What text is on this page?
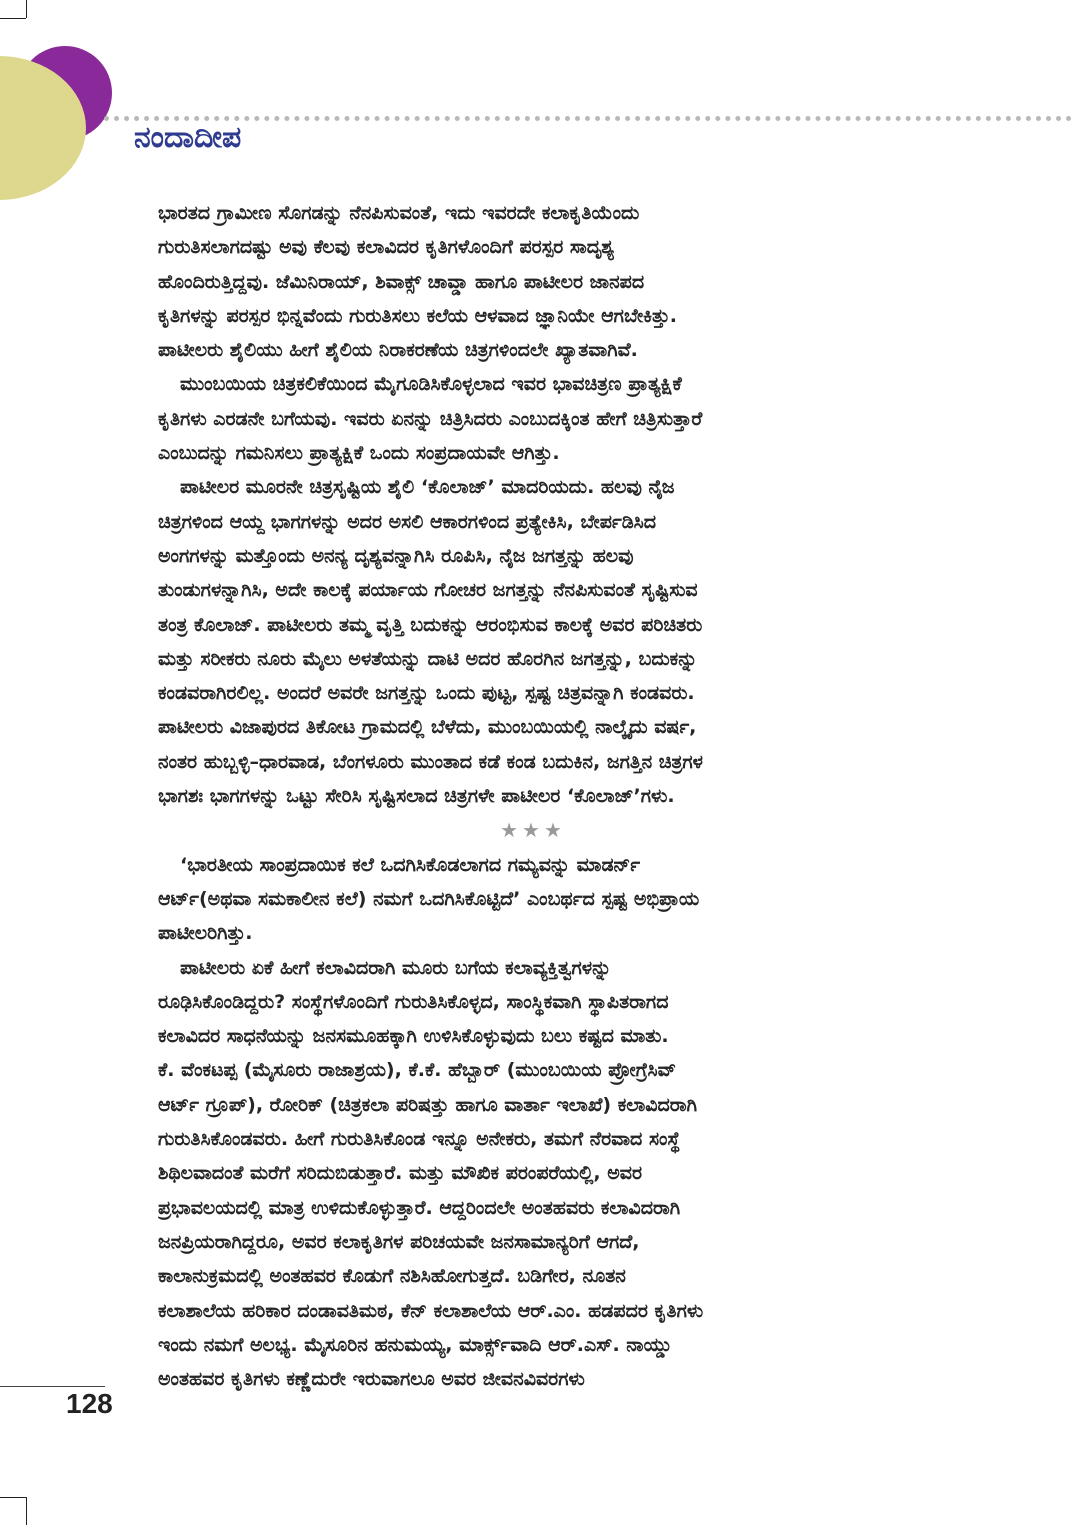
ನಂದಾದೀಪ
ಭಾರತದ ಗ್ರಾಮೀಣ ಸೊಗಡನ್ನು ನೆನಪಿಸುವಂತೆ, ಇದು ಇವರದೇ ಕಲಾಕೃತಿಯೆಂದು
ಗುರುತಿಸಲಾಗದಷ್ಟು ಅವು ಕೆಲವು ಕಲಾವಿದರ ಕೃತಿಗಳೊಂದಿಗೆ ಪರಸ್ಪರ ಸಾದೃಶ್ಯ
ಹೊಂದಿರುತ್ತಿದ್ದವು. ಜೆಮಿನಿರಾಯ್, ಶಿವಾಕ್ಸ್ ಚಾವ್ಡಾ ಹಾಗೂ ಪಾಟೀಲರ ಜಾನಪದ
ಕೃತಿಗಳನ್ನು ಪರಸ್ಪರ ಭಿನ್ನವೆಂದು ಗುರುತಿಸಲು ಕಲೆಯ ಆಳವಾದ ಜ್ಞಾನಿಯೇ ಆಗಬೇಕಿತ್ತು.
ಪಾಟೀಲರು ಶೈಲಿಯು ಹೀಗೆ ಶೈಲಿಯ ನಿರಾಕರಣೆಯ ಚಿತ್ರಗಳಿಂದಲೇ ಖ್ಯಾತವಾಗಿವೆ.
ಮುಂಬಯಿಯ ಚಿತ್ರಕಲಿಕೆಯಿಂದ ಮೈಗೂಡಿಸಿಕೊಳ್ಳಲಾದ ಇವರ ಭಾವಚಿತ್ರಣ ಪ್ರಾತ್ಯಕ್ಷಿಕೆ
ಕೃತಿಗಳು ಎರಡನೇ ಬಗೆಯವು. ಇವರು ಏನನ್ನು ಚಿತ್ರಿಸಿದರು ಎಂಬುದಕ್ಕಿಂತ ಹೇಗೆ ಚಿತ್ರಿಸುತ್ತಾರೆ
ಎಂಬುದನ್ನು ಗಮನಿಸಲು ಪ್ರಾತ್ಯಕ್ಷಿಕೆ ಒಂದು ಸಂಪ್ರದಾಯವೇ ಆಗಿತ್ತು.
ಪಾಟೀಲರ ಮೂರನೇ ಚಿತ್ರಸೃಷ್ಟಿಯ ಶೈಲಿ ‘ಕೊಲಾಜ್’ ಮಾದರಿಯದು. ಹಲವು ನೈಜ
ಚಿತ್ರಗಳಿಂದ ಆಯ್ದ ಭಾಗಗಳನ್ನು ಅದರ ಅಸಲಿ ಆಕಾರಗಳಿಂದ ಪ್ರತ್ಯೇಕಿಸಿ, ಬೇರ್ಪಡಿಸಿದ
ಅಂಗಗಳನ್ನು ಮತ್ತೊಂದು ಅನನ್ಯ ದೃಶ್ಯವನ್ನಾಗಿಸಿ ರೂಪಿಸಿ, ನೈಜ ಜಗತ್ತನ್ನು ಹಲವು
ತುಂಡುಗಳನ್ನಾಗಿಸಿ, ಅದೇ ಕಾಲಕ್ಕೆ ಪರ್ಯಾಯ ಗೋಚರ ಜಗತ್ತನ್ನು ನೆನಪಿಸುವಂತೆ ಸೃಷ್ಟಿಸುವ
ತಂತ್ರ ಕೊಲಾಜ್. ಪಾಟೀಲರು ತಮ್ಮ ವೃತ್ತಿ ಬದುಕನ್ನು ಆರಂಭಿಸುವ ಕಾಲಕ್ಕೆ ಅವರ ಪರಿಚಿತರು
ಮತ್ತು ಸರೀಕರು ನೂರು ಮೈಲು ಅಳತೆಯನ್ನು ದಾಟಿ ಅದರ ಹೊರಗಿನ ಜಗತ್ತನ್ನು, ಬದುಕನ್ನು
ಕಂಡವರಾಗಿರಲಿಲ್ಲ. ಅಂದರೆ ಅವರೇ ಜಗತ್ತನ್ನು ಒಂದು ಪುಟ್ಟ, ಸ್ಪಷ್ಟ ಚಿತ್ರವನ್ನಾಗಿ ಕಂಡವರು.
ಪಾಟೀಲರು ವಿಜಾಪುರದ ತಿಕೋಟ ಗ್ರಾಮದಲ್ಲಿ ಬೆಳೆದು, ಮುಂಬಯಿಯಲ್ಲಿ ನಾಲ್ಕೈದು ವರ್ಷ,
ನಂತರ ಹುಬ್ಬಳ್ಳಿ–ಧಾರವಾಡ, ಬೆಂಗಳೂರು ಮುಂತಾದ ಕಡೆ ಕಂಡ ಬದುಕಿನ, ಜಗತ್ತಿನ ಚಿತ್ರಗಳ
ಭಾಗಶಃ ಭಾಗಗಳನ್ನು ಒಟ್ಟು ಸೇರಿಸಿ ಸೃಷ್ಟಿಸಲಾದ ಚಿತ್ರಗಳೇ ಪಾಟೀಲರ ‘ಕೊಲಾಜ್’ಗಳು.
★★★
‘ಭಾರತೀಯ ಸಾಂಪ್ರದಾಯಿಕ ಕಲೆ ಒದಗಿಸಿಕೊಡಲಾಗದ ಗಮ್ಯವನ್ನು ಮಾಡರ್ನ್
ಆರ್ಟ್(ಅಥವಾ ಸಮಕಾಲೀನ ಕಲೆ) ನಮಗೆ ಒದಗಿಸಿಕೊಟ್ಟಿದೆ’ ಎಂಬರ್ಥದ ಸ್ಪಷ್ಟ ಅಭಿಪ್ರಾಯ
ಪಾಟೀಲರಿಗಿತ್ತು.
ಪಾಟೀಲರು ಏಕೆ ಹೀಗೆ ಕಲಾವಿದರಾಗಿ ಮೂರು ಬಗೆಯ ಕಲಾವ್ಯಕ್ತಿತ್ವಗಳನ್ನು
ರೂಢಿಸಿಕೊಂಡಿದ್ದರು? ಸಂಸ್ಥೆಗಳೊಂದಿಗೆ ಗುರುತಿಸಿಕೊಳ್ಳದ, ಸಾಂಸ್ಥಿಕವಾಗಿ ಸ್ಥಾಪಿತರಾಗದ
ಕಲಾವಿದರ ಸಾಧನೆಯನ್ನು ಜನಸಮೂಹಕ್ಕಾಗಿ ಉಳಿಸಿಕೊಳ್ಳುವುದು ಬಲು ಕಷ್ಟದ ಮಾತು.
ಕೆ. ವೆಂಕಟಪ್ಪ (ಮೈಸೂರು ರಾಜಾಶ್ರಯ), ಕೆ.ಕೆ. ಹೆಬ್ಬಾರ್ (ಮುಂಬಯಿಯ ಪ್ರೋಗ್ರೆಸಿವ್
ಆರ್ಟ್ ಗ್ರೂಪ್), ರೋರಿಕ್ (ಚಿತ್ರಕಲಾ ಪರಿಷತ್ತು ಹಾಗೂ ವಾರ್ತಾ ಇಲಾಖೆ) ಕಲಾವಿದರಾಗಿ
ಗುರುತಿಸಿಕೊಂಡವರು. ಹೀಗೆ ಗುರುತಿಸಿಕೊಂಡ ಇನ್ನೂ ಅನೇಕರು, ತಮಗೆ ನೆರವಾದ ಸಂಸ್ಥೆ
ಶಿಥಿಲವಾದಂತೆ ಮರೆಗೆ ಸರಿದುಬಿಡುತ್ತಾರೆ. ಮತ್ತು ಮೌಖಿಕ ಪರಂಪರೆಯಲ್ಲಿ, ಅವರ
ಪ್ರಭಾವಲಯದಲ್ಲಿ ಮಾತ್ರ ಉಳಿದುಕೊಳ್ಳುತ್ತಾರೆ. ಆದ್ದರಿಂದಲೇ ಅಂತಹವರು ಕಲಾವಿದರಾಗಿ
ಜನಪ್ರಿಯರಾಗಿದ್ದರೂ, ಅವರ ಕಲಾಕೃತಿಗಳ ಪರಿಚಯವೇ ಜನಸಾಮಾನ್ಯರಿಗೆ ಆಗದೆ,
ಕಾಲಾನುಕ್ರಮದಲ್ಲಿ ಅಂತಹವರ ಕೊಡುಗೆ ನಶಿಸಿಹೋಗುತ್ತದೆ. ಬಡಿಗೇರ, ನೂತನ
ಕಲಾಶಾಲೆಯ ಹರಿಕಾರ ದಂಡಾವತಿಮಠ, ಕೆನ್ ಕಲಾಶಾಲೆಯ ಆರ್.ಎಂ. ಹಡಪದರ ಕೃತಿಗಳು
ಇಂದು ನಮಗೆ ಅಲಭ್ಯ. ಮೈಸೂರಿನ ಹನುಮಯ್ಯ, ಮಾರ್ಕ್ಸ್‌ವಾದಿ ಆರ್.ಎಸ್. ನಾಯ್ಡು
ಅಂತಹವರ ಕೃತಿಗಳು ಕಣ್ಣೆದುರೇ ಇರುವಾಗಲೂ ಅವರ ಜೀವನವಿವರಗಳು
128
